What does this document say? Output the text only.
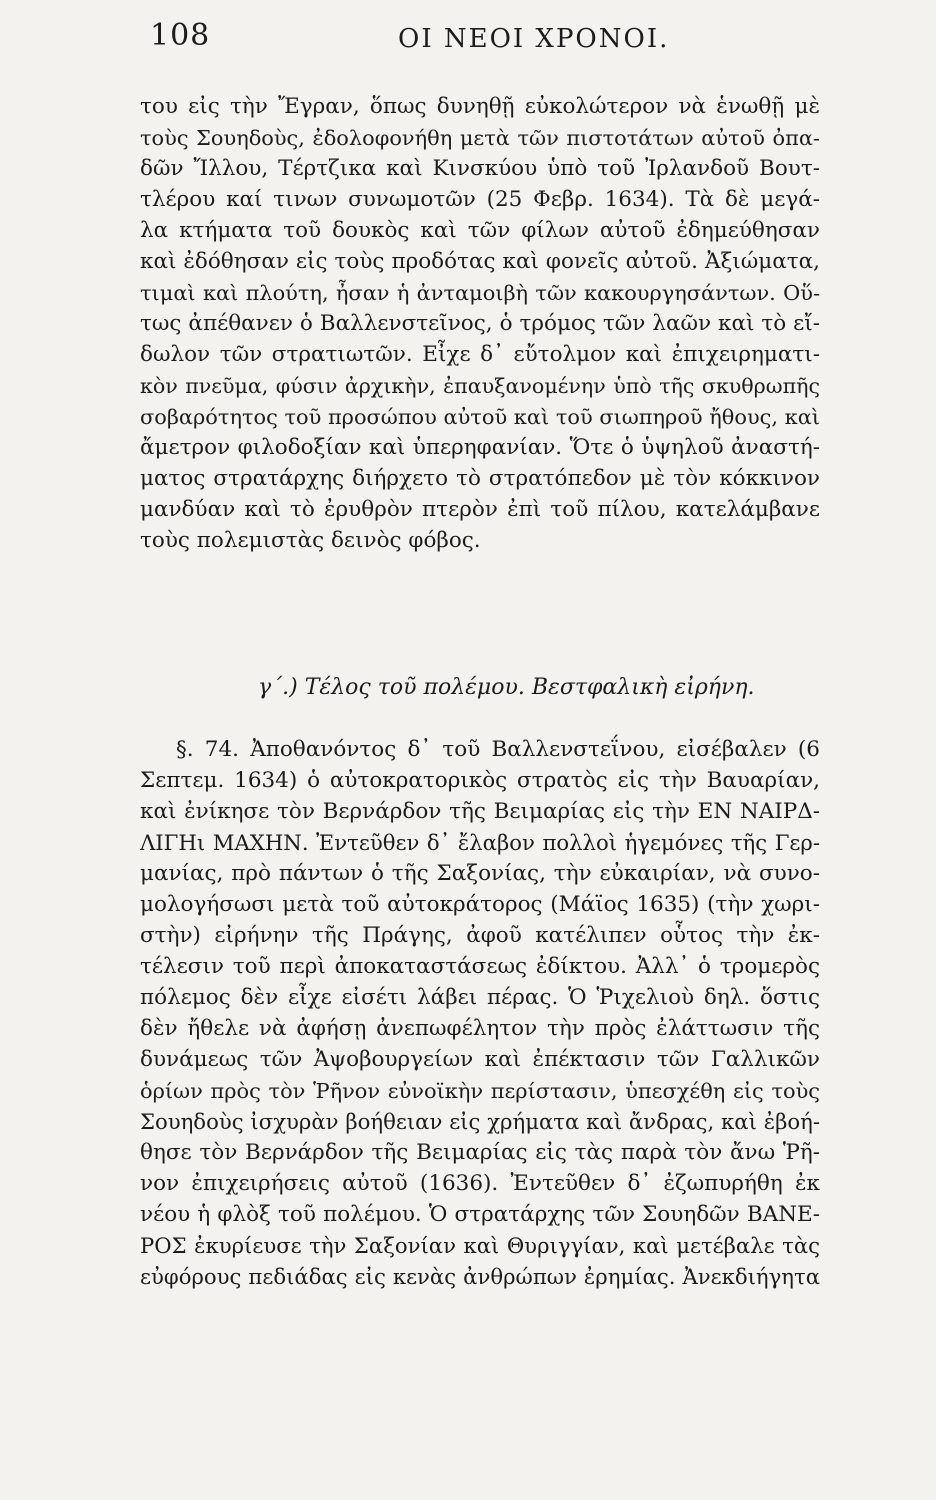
108	ΟΙ ΝΕΟΙ ΧΡΟΝΟΙ.
του εἰς τὴν Ἔγραν, ὅπως δυνηθῇ εὐκολώτερον νὰ ἑνωθῇ μὲ
τοὺς Σουηδοὺς, ἐδολοφονήθη μετὰ τῶν πιστοτάτων αὐτοῦ ὀπα-
δῶν Ἴλλου, Τέρτζικα καὶ Κινσκύου ὑπὸ τοῦ Ἰρλανδοῦ Βουτ-
τλέρου καί τινων συνωμοτῶν (25 Φεβρ. 1634). Τὰ δὲ μεγά-
λα κτήματα τοῦ δουκὸς καὶ τῶν φίλων αὐτοῦ ἐδημεύθησαν
καὶ ἐδόθησαν εἰς τοὺς προδότας καὶ φονεῖς αὐτοῦ. Ἀξιώματα,
τιμαὶ καὶ πλούτη, ἦσαν ἡ ἀνταμοιβὴ τῶν κακουργησάντων. Οὕ-
τως ἀπέθανεν ὁ Βαλλενστεῖνος, ὁ τρόμος τῶν λαῶν καὶ τὸ εἴ-
δωλον τῶν στρατιωτῶν. Εἶχε δ᾽ εὔτολμον καὶ ἐπιχειρηματι-
κὸν πνεῦμα, φύσιν ἀρχικὴν, ἐπαυξανομένην ὑπὸ τῆς σκυθρωπῆς
σοβαρότητος τοῦ προσώπου αὐτοῦ καὶ τοῦ σιωπηροῦ ἤθους, καὶ
ἄμετρον φιλοδοξίαν καὶ ὑπερηφανίαν. Ὅτε ὁ ὑψηλοῦ ἀναστή-
ματος στρατάρχης διήρχετο τὸ στρατόπεδον μὲ τὸν κόκκινον
μανδύαν καὶ τὸ ἐρυθρὸν πτερὸν ἐπὶ τοῦ πίλου, κατελάμβανε
τοὺς πολεμιστὰς δεινὸς φόβος.
γ΄.) Τέλος τοῦ πολέμου. Βεστφαλικὴ εἰρήνη.
§. 74. Ἀποθανόντος δ᾽ τοῦ Βαλλενστεΐνου, εἰσέβαλεν (6
Σεπτεμ. 1634) ὁ αὐτοκρατορικὸς στρατὸς εἰς τὴν Βαυαρίαν,
καὶ ἐνίκησε τὸν Βερνάρδον τῆς Βειμαρίας εἰς τὴν ΕΝ ΝΑΙΡΔ-
ΛΙΓΗι ΜΑΧΗΝ. Ἐντεῦθεν δ᾽ ἔλαβον πολλοὶ ἡγεμόνες τῆς Γερ-
μανίας, πρὸ πάντων ὁ τῆς Σαξονίας, τὴν εὐκαιρίαν, νὰ συνο-
μολογήσωσι μετὰ τοῦ αὐτοκράτορος (Μάϊος 1635) (τὴν χωρι-
στὴν) εἰρήνην τῆς Πράγης, ἀφοῦ κατέλιπεν οὗτος τὴν ἐκ-
τέλεσιν τοῦ περὶ ἀποκαταστάσεως ἐδίκτου. Ἀλλ᾽ ὁ τρομερὸς
πόλεμος δὲν εἶχε εἰσέτι λάβει πέρας. Ὁ Ῥιχελιοὺ δηλ. ὅστις
δὲν ἤθελε νὰ ἀφήσῃ ἀνεπωφέλητον τὴν πρὸς ἐλάττωσιν τῆς
δυνάμεως τῶν Ἀψοβουργείων καὶ ἐπέκτασιν τῶν Γαλλικῶν
ὁρίων πρὸς τὸν Ῥῆνον εὐνοϊκὴν περίστασιν, ὑπεσχέθη εἰς τοὺς
Σουηδοὺς ἰσχυρὰν βοήθειαν εἰς χρήματα καὶ ἄνδρας, καὶ ἐβοή-
θησε τὸν Βερνάρδον τῆς Βειμαρίας εἰς τὰς παρὰ τὸν ἄνω Ῥῆ-
νον ἐπιχειρήσεις αὐτοῦ (1636). Ἐντεῦθεν δ᾽ ἐζωπυρήθη ἐκ
νέου ἡ φλὸξ τοῦ πολέμου. Ὁ στρατάρχης τῶν Σουηδῶν ΒΑΝΕ-
ΡΟΣ ἐκυρίευσε τὴν Σαξονίαν καὶ Θυριγγίαν, καὶ μετέβαλε τὰς
εὐφόρους πεδιάδας εἰς κενὰς ἀνθρώπων ἐρημίας. Ἀνεκδιήγητα
